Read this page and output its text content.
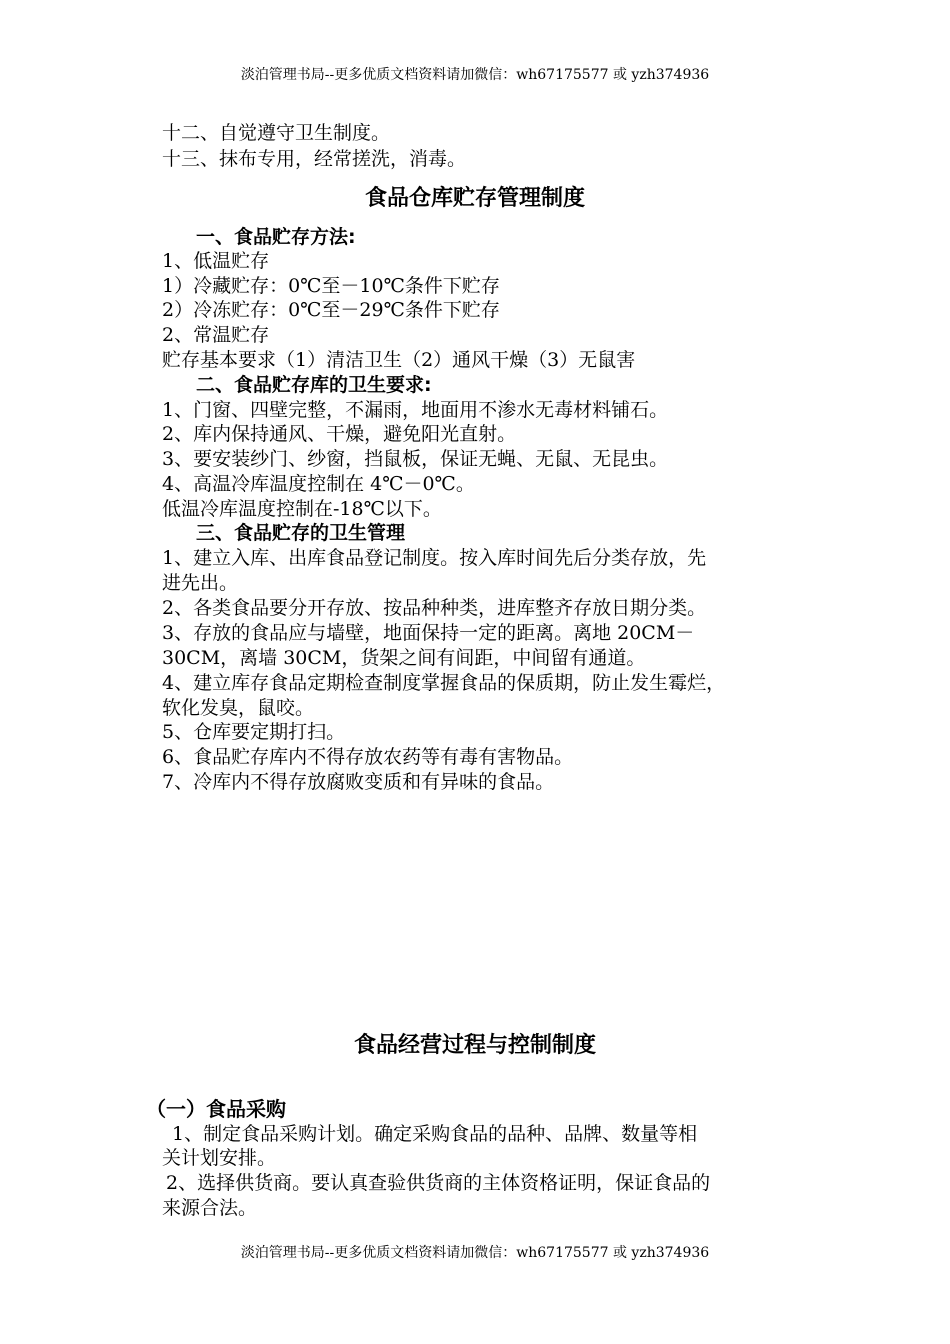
淡泊管理书局--更多优质文档资料请加微信：wh67175577 或 yzh374936
十二、自觉遵守卫生制度。
十三、抹布专用，经常搓洗，消毒。
食品仓库贮存管理制度
一、食品贮存方法:
1、低温贮存
1）冷藏贮存：0℃至－10℃条件下贮存
2）冷冻贮存：0℃至－29℃条件下贮存
2、常温贮存
贮存基本要求（1）清洁卫生（2）通风干燥（3）无鼠害
二、食品贮存库的卫生要求:
1、门窗、四壁完整，不漏雨，地面用不渗水无毒材料铺石。
2、库内保持通风、干燥，避免阳光直射。
3、要安装纱门、纱窗，挡鼠板，保证无蝇、无鼠、无昆虫。
4、高温冷库温度控制在 4℃－0℃。
低温冷库温度控制在-18℃以下。
三、食品贮存的卫生管理
1、建立入库、出库食品登记制度。按入库时间先后分类存放，先
进先出。
2、各类食品要分开存放、按品种种类，进库整齐存放日期分类。
3、存放的食品应与墙壁，地面保持一定的距离。离地 20CM－
30CM，离墙 30CM，货架之间有间距，中间留有通道。
4、建立库存食品定期检查制度掌握食品的保质期，防止发生霉烂，
软化发臭，鼠咬。
5、仓库要定期打扫。
6、食品贮存库内不得存放农药等有毒有害物品。
7、冷库内不得存放腐败变质和有异味的食品。
食品经营过程与控制制度
（一）食品采购
1、制定食品采购计划。确定采购食品的品种、品牌、数量等相
关计划安排。
2、选择供货商。要认真查验供货商的主体资格证明，保证食品的
来源合法。
淡泊管理书局--更多优质文档资料请加微信：wh67175577 或 yzh374936
